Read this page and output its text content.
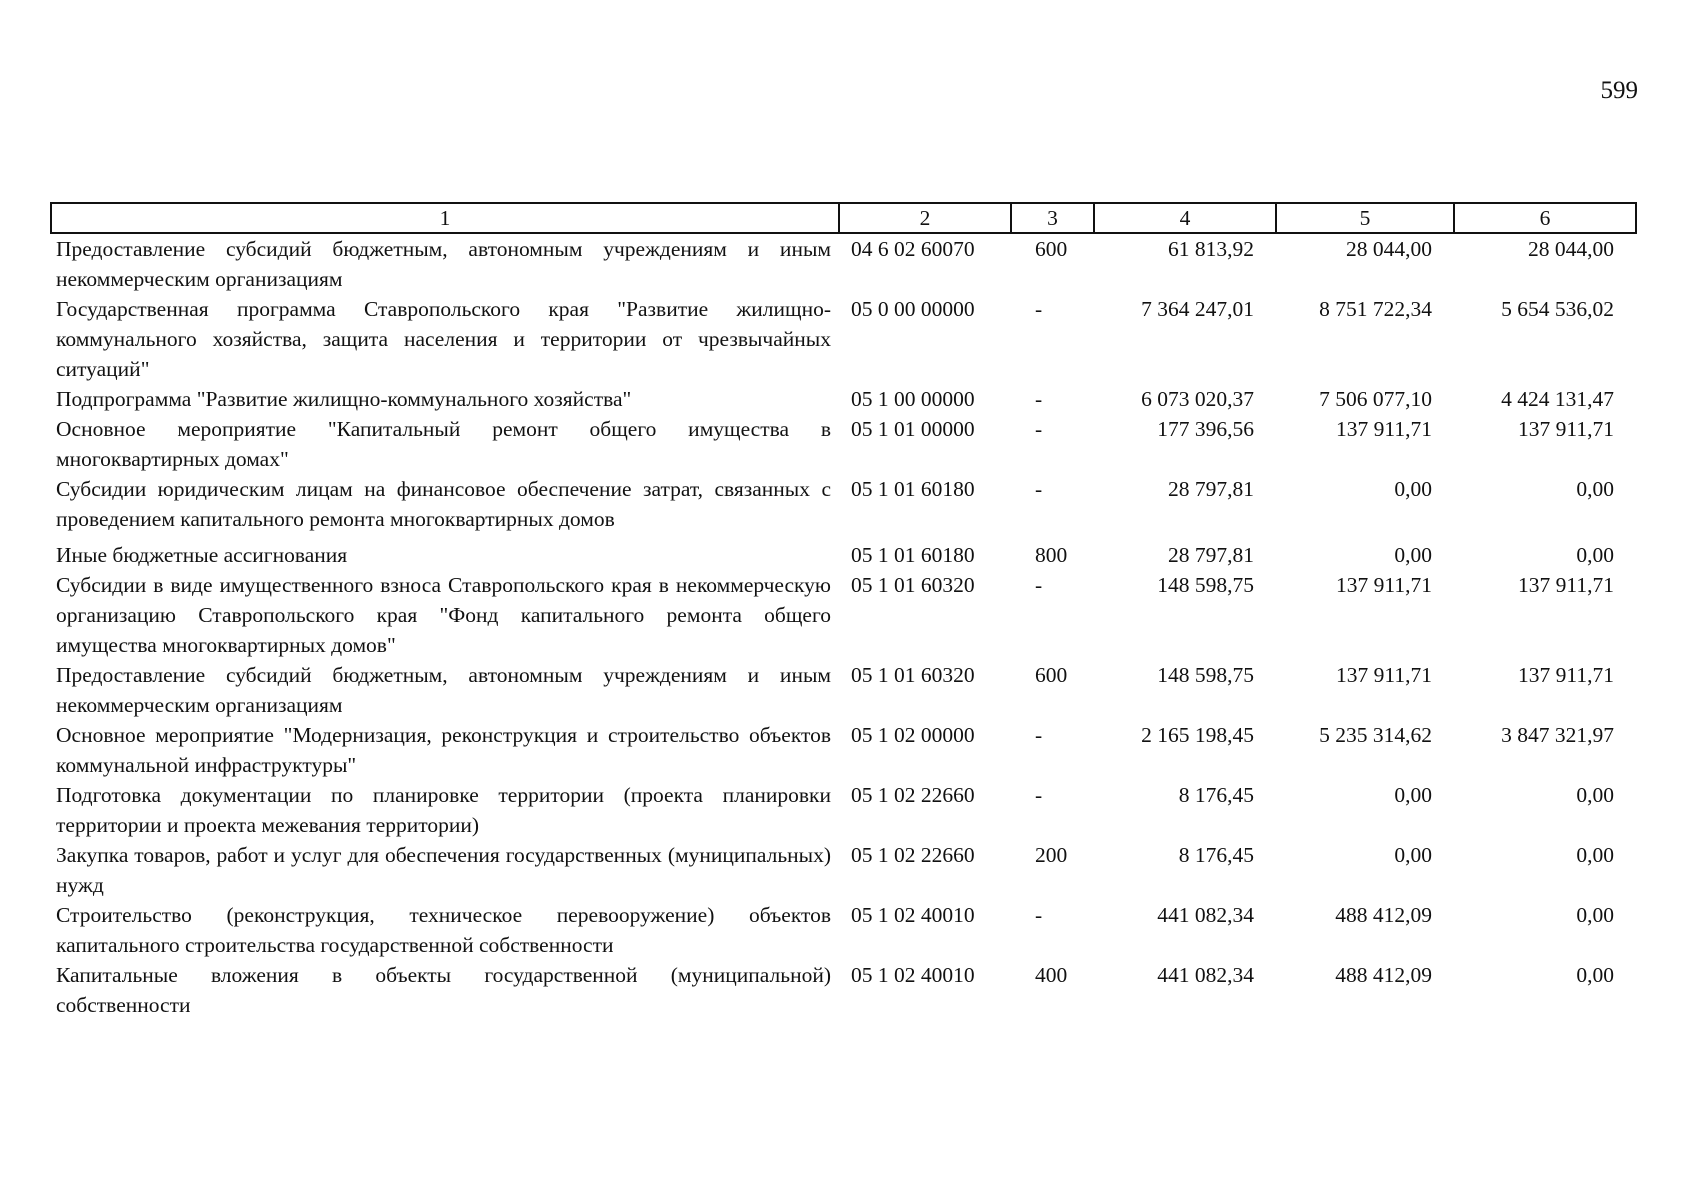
599
1	2	3	4	5	6
Предоставление субсидий бюджетным, автономным учреждениям и иным некоммерческим организациям	04 6 02 60070	600	61 813,92	28 044,00	28 044,00
Государственная программа Ставропольского края "Развитие жилищно-коммунального хозяйства, защита населения и территории от чрезвычайных ситуаций"	05 0 00 00000	-	7 364 247,01	8 751 722,34	5 654 536,02
Подпрограмма "Развитие жилищно-коммунального хозяйства"	05 1 00 00000	-	6 073 020,37	7 506 077,10	4 424 131,47
Основное мероприятие "Капитальный ремонт общего имущества в многоквартирных домах"	05 1 01 00000	-	177 396,56	137 911,71	137 911,71
Субсидии юридическим лицам на финансовое обеспечение затрат, связанных с проведением капитального ремонта многоквартирных домов	05 1 01 60180	-	28 797,81	0,00	0,00
Иные бюджетные ассигнования	05 1 01 60180	800	28 797,81	0,00	0,00
Субсидии в виде имущественного взноса Ставропольского края в некоммерческую организацию Ставропольского края "Фонд капитального ремонта общего имущества многоквартирных домов"	05 1 01 60320	-	148 598,75	137 911,71	137 911,71
Предоставление субсидий бюджетным, автономным учреждениям и иным некоммерческим организациям	05 1 01 60320	600	148 598,75	137 911,71	137 911,71
Основное мероприятие "Модернизация, реконструкция и строительство объектов коммунальной инфраструктуры"	05 1 02 00000	-	2 165 198,45	5 235 314,62	3 847 321,97
Подготовка документации по планировке территории (проекта планировки территории и проекта межевания территории)	05 1 02 22660	-	8 176,45	0,00	0,00
Закупка товаров, работ и услуг для обеспечения государственных (муниципальных) нужд	05 1 02 22660	200	8 176,45	0,00	0,00
Строительство (реконструкция, техническое перевооружение) объектов капитального строительства государственной собственности	05 1 02 40010	-	441 082,34	488 412,09	0,00
Капитальные вложения в объекты государственной (муниципальной) собственности	05 1 02 40010	400	441 082,34	488 412,09	0,00
